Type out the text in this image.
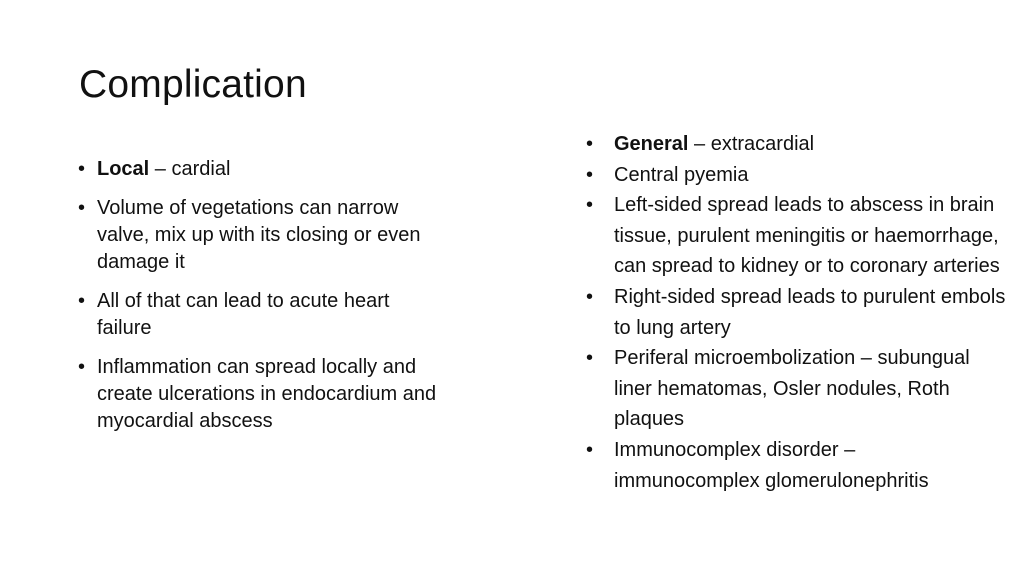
Complication
• Local – cardial
• Volume of vegetations can narrow valve, mix up with its closing or even damage it
• All of that can lead to acute heart failure
• Inflammation can spread locally and create ulcerations in endocardium and myocardial abscess
• General – extracardial
• Central pyemia
• Left-sided spread leads to abscess in brain tissue, purulent meningitis or haemorrhage, can spread to kidney or to coronary arteries
• Right-sided spread leads to purulent embols to lung artery
• Periferal microembolization – subungual liner hematomas, Osler nodules, Roth plaques
• Immunocomplex disorder – immunocomplex glomerulonephritis
